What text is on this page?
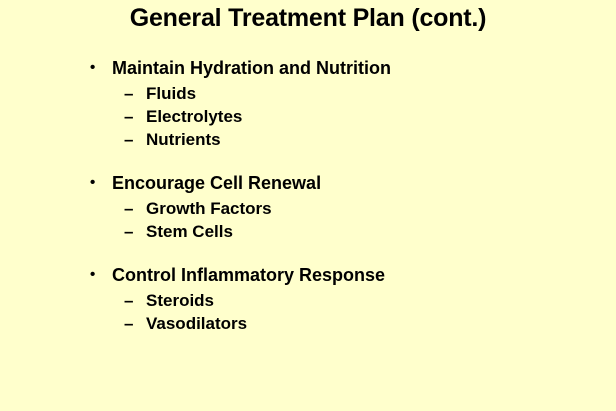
General Treatment Plan (cont.)
• Maintain Hydration and Nutrition
– Fluids
– Electrolytes
– Nutrients
• Encourage Cell Renewal
– Growth Factors
– Stem Cells
• Control Inflammatory Response
– Steroids
– Vasodilators
